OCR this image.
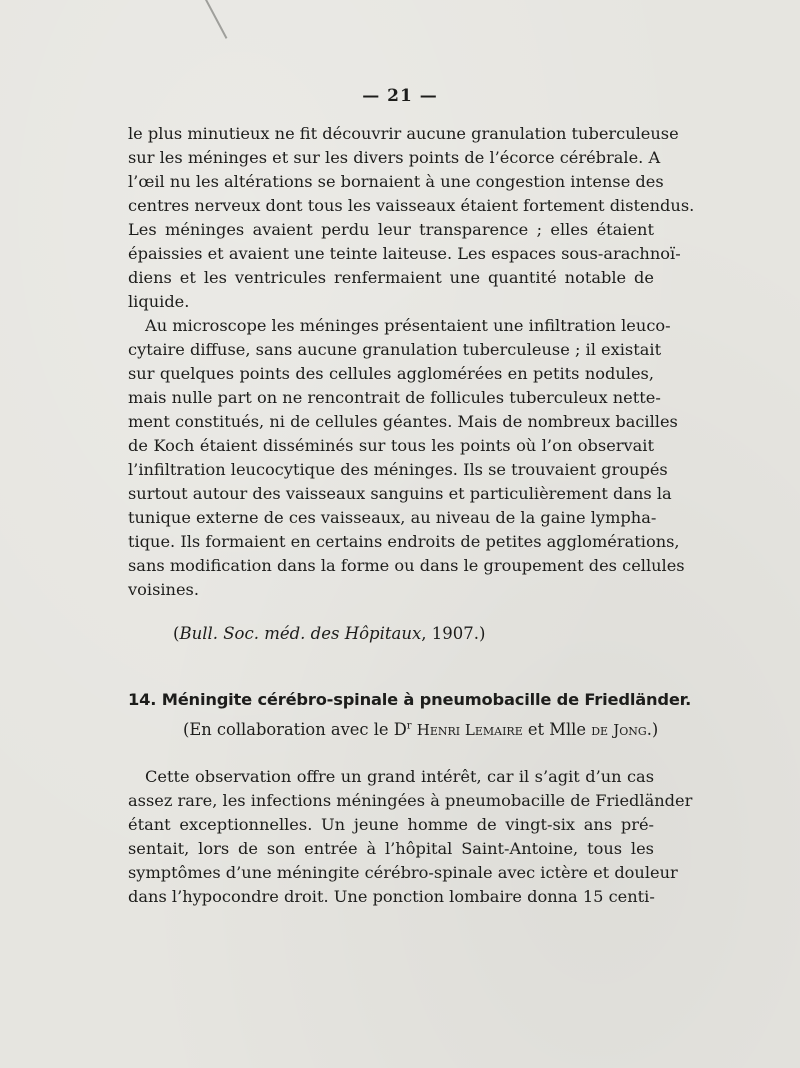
— 21 —
le plus minutieux ne fit découvrir aucune granulation tuberculeuse
sur les méninges et sur les divers points de l’écorce cérébrale. A
l’œil nu les altérations se bornaient à une congestion intense des
centres nerveux dont tous les vaisseaux étaient fortement distendus.
Les méninges avaient perdu leur transparence ; elles étaient
épaissies et avaient une teinte laiteuse. Les espaces sous-arachnoï-
diens et les ventricules renfermaient une quantité notable de
liquide.
Au microscope les méninges présentaient une infiltration leuco-
cytaire diffuse, sans aucune granulation tuberculeuse ; il existait
sur quelques points des cellules agglomérées en petits nodules,
mais nulle part on ne rencontrait de follicules tuberculeux nette-
ment constitués, ni de cellules géantes. Mais de nombreux bacilles
de Koch étaient disséminés sur tous les points où l’on observait
l’infiltration leucocytique des méninges. Ils se trouvaient groupés
surtout autour des vaisseaux sanguins et particulièrement dans la
tunique externe de ces vaisseaux, au niveau de la gaine lympha-
tique. Ils formaient en certains endroits de petites agglomérations,
sans modification dans la forme ou dans le groupement des cellules
voisines.
(Bull. Soc. méd. des Hôpitaux, 1907.)
14. Méningite cérébro-spinale à pneumobacille de Friedländer.
(En collaboration avec le $D^r$ Henri Lemaire et Mlle de Jong.)
Cette observation offre un grand intérêt, car il s’agit d’un cas
assez rare, les infections méningées à pneumobacille de Friedländer
étant exceptionnelles. Un jeune homme de vingt-six ans pré-
sentait, lors de son entrée à l’hôpital Saint-Antoine, tous les
symptômes d’une méningite cérébro-spinale avec ictère et douleur
dans l’hypocondre droit. Une ponction lombaire donna 15 centi-
